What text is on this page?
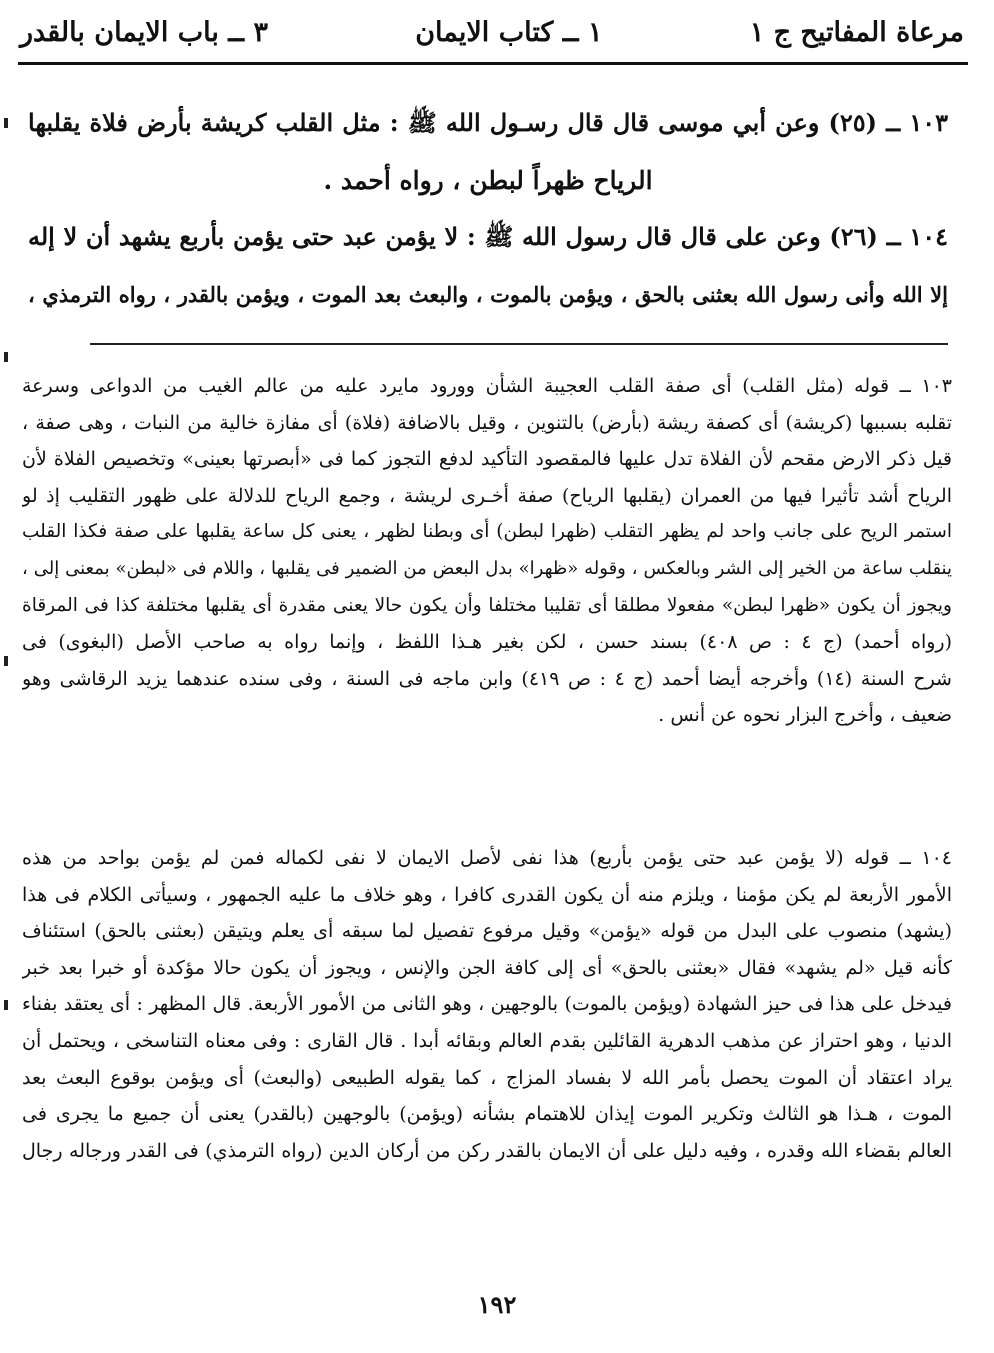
مرعاة المفاتيح ج ١
١ ــ كتاب الايمان
٣ ــ باب الايمان بالقدر
١٠٣ ــ (٢٥) وعن أبي موسى قال قال رسـول الله ﷺ : مثل القلب كريشة بأرض فلاة يقلبها
الرياح ظهراً لبطن ، رواه أحمد .
١٠٤ ــ (٢٦) وعن على قال قال رسول الله ﷺ : لا يؤمن عبد حتى يؤمن بأربع يشهد أن لا إله
إلا الله وأنى رسول الله بعثنى بالحق ، ويؤمن بالموت ، والبعث بعد الموت ، ويؤمن بالقدر ، رواه الترمذي ،
١٠٣ ــ قوله (مثل القلب) أى صفة القلب العجيبة الشأن وورود مايرد عليه من عالم الغيب من الدواعى وسرعة
تقلبه بسببها (كريشة) أى كصفة ريشة (بأرض) بالتنوين ، وقيل بالاضافة (فلاة) أى مفازة خالية من النبات ، وهى صفة ،
قيل ذكر الارض مقحم لأن الفلاة تدل عليها فالمقصود التأكيد لدفع التجوز كما فى «أبصرتها بعينى» وتخصيص الفلاة لأن
الرياح أشد تأثيرا فيها من العمران (يقلبها الرياح) صفة أخـرى لريشة ، وجمع الرياح للدلالة على ظهور التقليب إذ لو
استمر الريح على جانب واحد لم يظهر التقلب (ظهرا لبطن) أى وبطنا لظهر ، يعنى كل ساعة يقلبها على صفة فكذا القلب
ينقلب ساعة من الخير إلى الشر وبالعكس ، وقوله «ظهرا» بدل البعض من الضمير فى يقلبها ، واللام فى «لبطن» بمعنى إلى ،
ويجوز أن يكون «ظهرا لبطن» مفعولا مطلقا أى تقليبا مختلفا وأن يكون حالا يعنى مقدرة أى يقلبها مختلفة كذا فى المرقاة
(رواه أحمد) (ج ٤ : ص ٤٠٨) بسند حسن ، لكن بغير هـذا اللفظ ، وإنما رواه به صاحب الأصل (البغوى) فى
شرح السنة (١٤) وأخرجه أيضا أحمد (ج ٤ : ص ٤١٩) وابن ماجه فى السنة ، وفى سنده عندهما يزيد الرقاشى وهو
ضعيف ، وأخرج البزار نحوه عن أنس .
١٠٤ ــ قوله (لا يؤمن عبد حتى يؤمن بأربع) هذا نفى لأصل الايمان لا نفى لكماله فمن لم يؤمن بواحد من هذه
الأمور الأربعة لم يكن مؤمنا ، ويلزم منه أن يكون القدرى كافرا ، وهو خلاف ما عليه الجمهور ، وسيأتى الكلام فى هذا
(يشهد) منصوب على البدل من قوله «يؤمن» وقيل مرفوع تفصيل لما سبقه أى يعلم ويتيقن (بعثنى بالحق) استئناف
كأنه قيل «لم يشهد» فقال «بعثنى بالحق» أى إلى كافة الجن والإنس ، ويجوز أن يكون حالا مؤكدة أو خبرا بعد خبر
فيدخل على هذا فى حيز الشهادة (ويؤمن بالموت) بالوجهين ، وهو الثانى من الأمور الأربعة. قال المظهر : أى يعتقد بفناء
الدنيا ، وهو احتراز عن مذهب الدهرية القائلين بقدم العالم وبقائه أبدا . قال القارى : وفى معناه التناسخى ، ويحتمل أن
يراد اعتقاد أن الموت يحصل بأمر الله لا بفساد المزاج ، كما يقوله الطبيعى (والبعث) أى ويؤمن بوقوع البعث بعد
الموت ، هـذا هو الثالث وتكرير الموت إيذان للاهتمام بشأنه (ويؤمن) بالوجهين (بالقدر) يعنى أن جميع ما يجرى فى
العالم بقضاء الله وقدره ، وفيه دليل على أن الايمان بالقدر ركن من أركان الدين (رواه الترمذي) فى القدر ورجاله رجال
١٩٢
